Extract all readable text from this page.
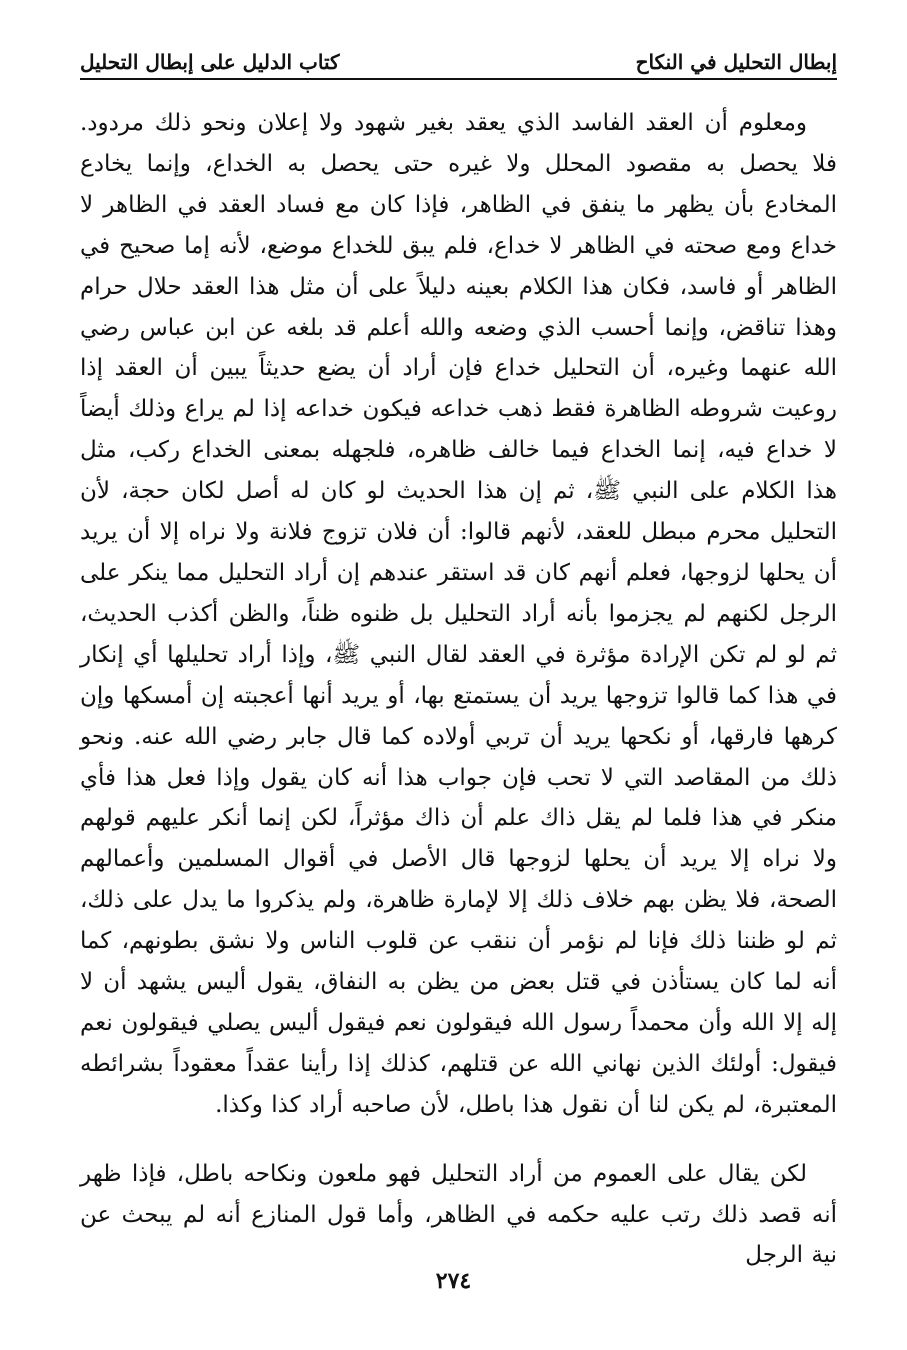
إبطال التحليل في النكاح
كتاب الدليل على إبطال التحليل

ومعلوم أن العقد الفاسد الذي يعقد بغير شهود ولا إعلان ونحو ذلك مردود. فلا يحصل به مقصود المحلل ولا غيره حتى يحصل به الخداع، وإنما يخادع المخادع بأن يظهر ما ينفق في الظاهر، فإذا كان مع فساد العقد في الظاهر لا خداع ومع صحته في الظاهر لا خداع، فلم يبق للخداع موضع، لأنه إما صحيح في الظاهر أو فاسد، فكان هذا الكلام بعينه دليلاً على أن مثل هذا العقد حلال حرام وهذا تناقض، وإنما أحسب الذي وضعه والله أعلم قد بلغه عن ابن عباس رضي الله عنهما وغيره، أن التحليل خداع فإن أراد أن يضع حديثاً يبين أن العقد إذا روعيت شروطه الظاهرة فقط ذهب خداعه فيكون خداعه إذا لم يراع وذلك أيضاً لا خداع فيه، إنما الخداع فيما خالف ظاهره، فلجهله بمعنى الخداع ركب، مثل هذا الكلام على النبي ﷺ، ثم إن هذا الحديث لو كان له أصل لكان حجة، لأن التحليل محرم مبطل للعقد، لأنهم قالوا: أن فلان تزوج فلانة ولا نراه إلا أن يريد أن يحلها لزوجها، فعلم أنهم كان قد استقر عندهم إن أراد التحليل مما ينكر على الرجل لكنهم لم يجزموا بأنه أراد التحليل بل ظنوه ظناً، والظن أكذب الحديث، ثم لو لم تكن الإرادة مؤثرة في العقد لقال النبي ﷺ، وإذا أراد تحليلها أي إنكار في هذا كما قالوا تزوجها يريد أن يستمتع بها، أو يريد أنها أعجبته إن أمسكها وإن كرهها فارقها، أو نكحها يريد أن تربي أولاده كما قال جابر رضي الله عنه. ونحو ذلك من المقاصد التي لا تحب فإن جواب هذا أنه كان يقول وإذا فعل هذا فأي منكر في هذا فلما لم يقل ذاك علم أن ذاك مؤثراً، لكن إنما أنكر عليهم قولهم ولا نراه إلا يريد أن يحلها لزوجها قال الأصل في أقوال المسلمين وأعمالهم الصحة، فلا يظن بهم خلاف ذلك إلا لإمارة ظاهرة، ولم يذكروا ما يدل على ذلك، ثم لو ظننا ذلك فإنا لم نؤمر أن ننقب عن قلوب الناس ولا نشق بطونهم، كما أنه لما كان يستأذن في قتل بعض من يظن به النفاق، يقول أليس يشهد أن لا إله إلا الله وأن محمداً رسول الله فيقولون نعم فيقول أليس يصلي فيقولون نعم فيقول: أولئك الذين نهاني الله عن قتلهم، كذلك إذا رأينا عقداً معقوداً بشرائطه المعتبرة، لم يكن لنا أن نقول هذا باطل، لأن صاحبه أراد كذا وكذا.

لكن يقال على العموم من أراد التحليل فهو ملعون ونكاحه باطل، فإذا ظهر أنه قصد ذلك رتب عليه حكمه في الظاهر، وأما قول المنازع أنه لم يبحث عن نية الرجل

٢٧٤
